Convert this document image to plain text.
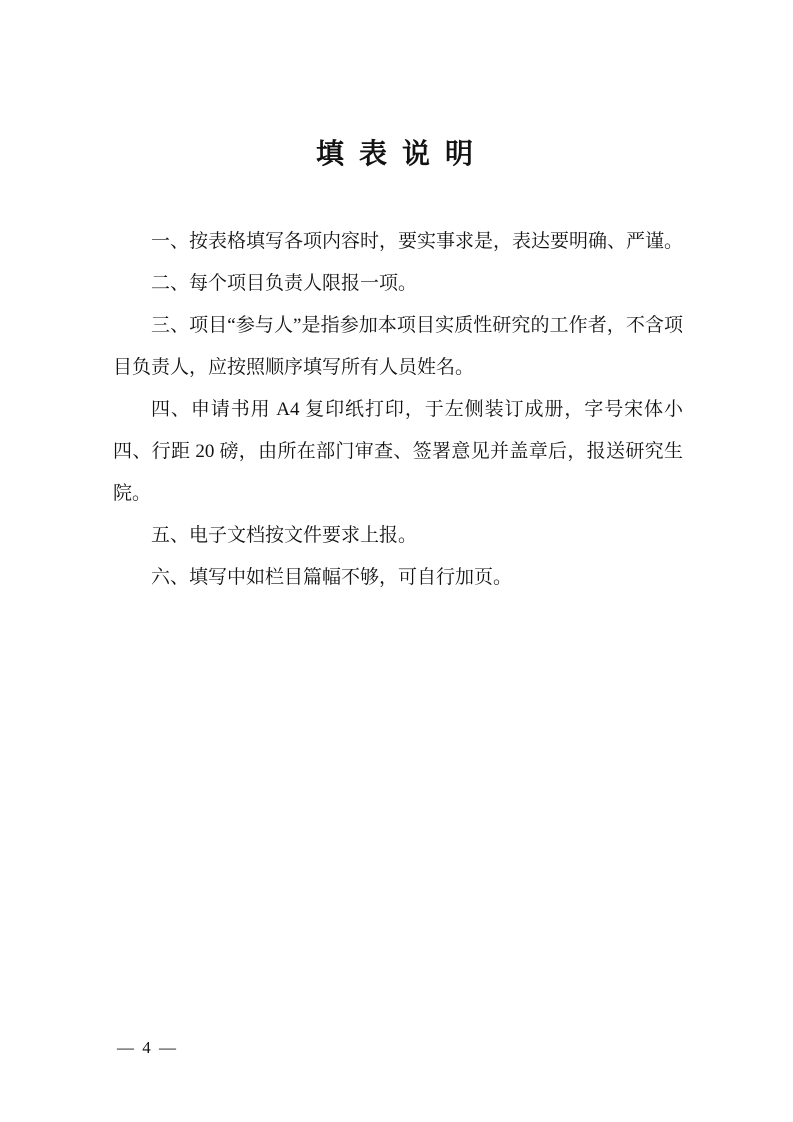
填 表 说 明

一、按表格填写各项内容时，要实事求是，表达要明确、严谨。

二、每个项目负责人限报一项。

三、项目“参与人”是指参加本项目实质性研究的工作者，不含项目负责人，应按照顺序填写所有人员姓名。

四、申请书用 A4 复印纸打印，于左侧装订成册，字号宋体小四、行距 20 磅，由所在部门审查、签署意见并盖章后，报送研究生院。

五、电子文档按文件要求上报。

六、填写中如栏目篇幅不够，可自行加页。

— 4 —
